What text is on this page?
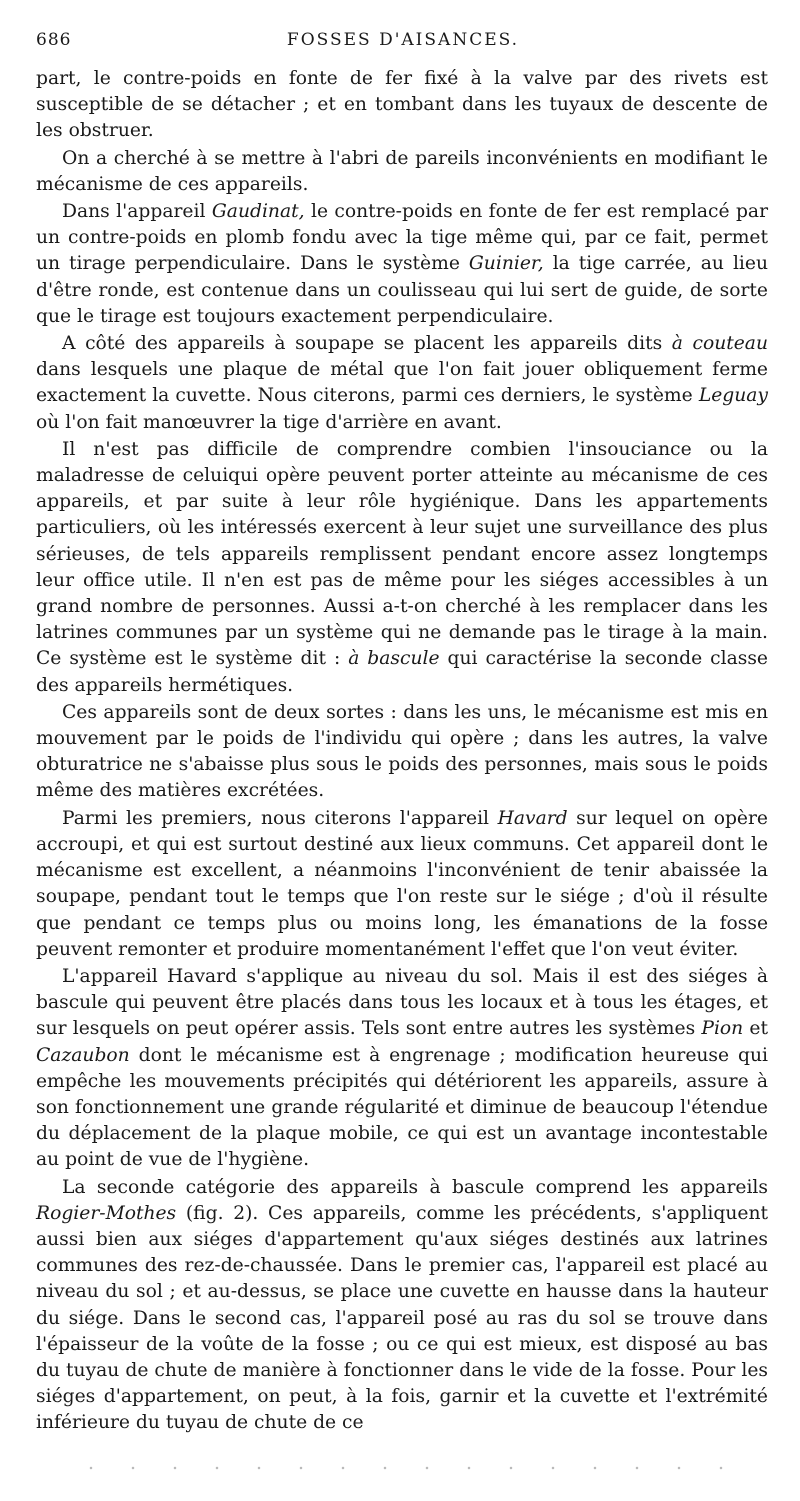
686	FOSSES D'AISANCES.

part, le contre-poids en fonte de fer fixé à la valve par des rivets est susceptible de se détacher ; et en tombant dans les tuyaux de descente de les obstruer.

On a cherché à se mettre à l'abri de pareils inconvénients en modifiant le mécanisme de ces appareils.

Dans l'appareil Gaudinat, le contre-poids en fonte de fer est remplacé par un contre-poids en plomb fondu avec la tige même qui, par ce fait, permet un tirage perpendiculaire. Dans le système Guinier, la tige carrée, au lieu d'être ronde, est contenue dans un coulisseau qui lui sert de guide, de sorte que le tirage est toujours exactement perpendiculaire.

A côté des appareils à soupape se placent les appareils dits à couteau dans lesquels une plaque de métal que l'on fait jouer obliquement ferme exactement la cuvette. Nous citerons, parmi ces derniers, le système Leguay où l'on fait manœuvrer la tige d'arrière en avant.

Il n'est pas difficile de comprendre combien l'insouciance ou la maladresse de celuiqui opère peuvent porter atteinte au mécanisme de ces appareils, et par suite à leur rôle hygiénique. Dans les appartements particuliers, où les intéressés exercent à leur sujet une surveillance des plus sérieuses, de tels appareils remplissent pendant encore assez longtemps leur office utile. Il n'en est pas de même pour les siéges accessibles à un grand nombre de personnes. Aussi a-t-on cherché à les remplacer dans les latrines communes par un système qui ne demande pas le tirage à la main. Ce système est le système dit : à bascule qui caractérise la seconde classe des appareils hermétiques.

Ces appareils sont de deux sortes : dans les uns, le mécanisme est mis en mouvement par le poids de l'individu qui opère ; dans les autres, la valve obturatrice ne s'abaisse plus sous le poids des personnes, mais sous le poids même des matières excrétées.

Parmi les premiers, nous citerons l'appareil Havard sur lequel on opère accroupi, et qui est surtout destiné aux lieux communs. Cet appareil dont le mécanisme est excellent, a néanmoins l'inconvénient de tenir abaissée la soupape, pendant tout le temps que l'on reste sur le siége ; d'où il résulte que pendant ce temps plus ou moins long, les émanations de la fosse peuvent remonter et produire momentanément l'effet que l'on veut éviter.

L'appareil Havard s'applique au niveau du sol. Mais il est des siéges à bascule qui peuvent être placés dans tous les locaux et à tous les étages, et sur lesquels on peut opérer assis. Tels sont entre autres les systèmes Pion et Cazaubon dont le mécanisme est à engrenage ; modification heureuse qui empêche les mouvements précipités qui détériorent les appareils, assure à son fonctionnement une grande régularité et diminue de beaucoup l'étendue du déplacement de la plaque mobile, ce qui est un avantage incontestable au point de vue de l'hygiène.

La seconde catégorie des appareils à bascule comprend les appareils Rogier-Mothes (fig. 2). Ces appareils, comme les précédents, s'appliquent aussi bien aux siéges d'appartement qu'aux siéges destinés aux latrines communes des rez-de-chaussée. Dans le premier cas, l'appareil est placé au niveau du sol ; et au-dessus, se place une cuvette en hausse dans la hauteur du siége. Dans le second cas, l'appareil posé au ras du sol se trouve dans l'épaisseur de la voûte de la fosse ; ou ce qui est mieux, est disposé au bas du tuyau de chute de manière à fonctionner dans le vide de la fosse. Pour les siéges d'appartement, on peut, à la fois, garnir et la cuvette et l'extrémité inférieure du tuyau de chute de ce
